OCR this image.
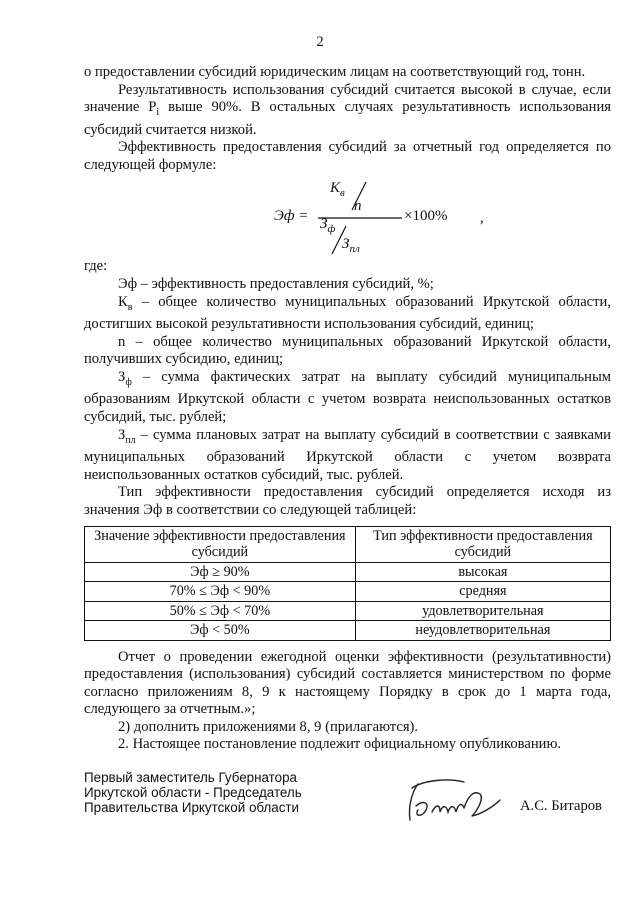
2

о предоставлении субсидий юридическим лицам на соответствующий год, тонн.

Результативность использования субсидий считается высокой в случае, если значение $Р_i$ выше 90%. В остальных случаях результативность использования субсидий считается низкой.

Эффективность предоставления субсидий за отчетный год определяется по следующей формуле:

Эф =
$К_в$
n
$З_ф$
$З_{пл}$
×100% ,

где:

Эф – эффективность предоставления субсидий, %;

$К_в$ – общее количество муниципальных образований Иркутской области, достигших высокой результативности использования субсидий, единиц;

n – общее количество муниципальных образований Иркутской области, получивших субсидию, единиц;

$З_ф$ – сумма фактических затрат на выплату субсидий муниципальным образованиям Иркутской области с учетом возврата неиспользованных остатков субсидий, тыс. рублей;

$З_{пл}$ – сумма плановых затрат на выплату субсидий в соответствии с заявками муниципальных образований Иркутской области с учетом возврата неиспользованных остатков субсидий, тыс. рублей.

Тип эффективности предоставления субсидий определяется исходя из значения Эф в соответствии со следующей таблицей:

Значение эффективности предоставления субсидий	Тип эффективности предоставления субсидий
Эф ≥ 90%	высокая
70% ≤ Эф < 90%	средняя
50% ≤ Эф < 70%	удовлетворительная
Эф < 50%	неудовлетворительная

Отчет о проведении ежегодной оценки эффективности (результативности) предоставления (использования) субсидий составляется министерством по форме согласно приложениям 8, 9 к настоящему Порядку в срок до 1 марта года, следующего за отчетным.»;

2) дополнить приложениями 8, 9 (прилагаются).

2. Настоящее постановление подлежит официальному опубликованию.

Первый заместитель Губернатора
Иркутской области - Председатель
Правительства Иркутской области	А.С. Битаров
